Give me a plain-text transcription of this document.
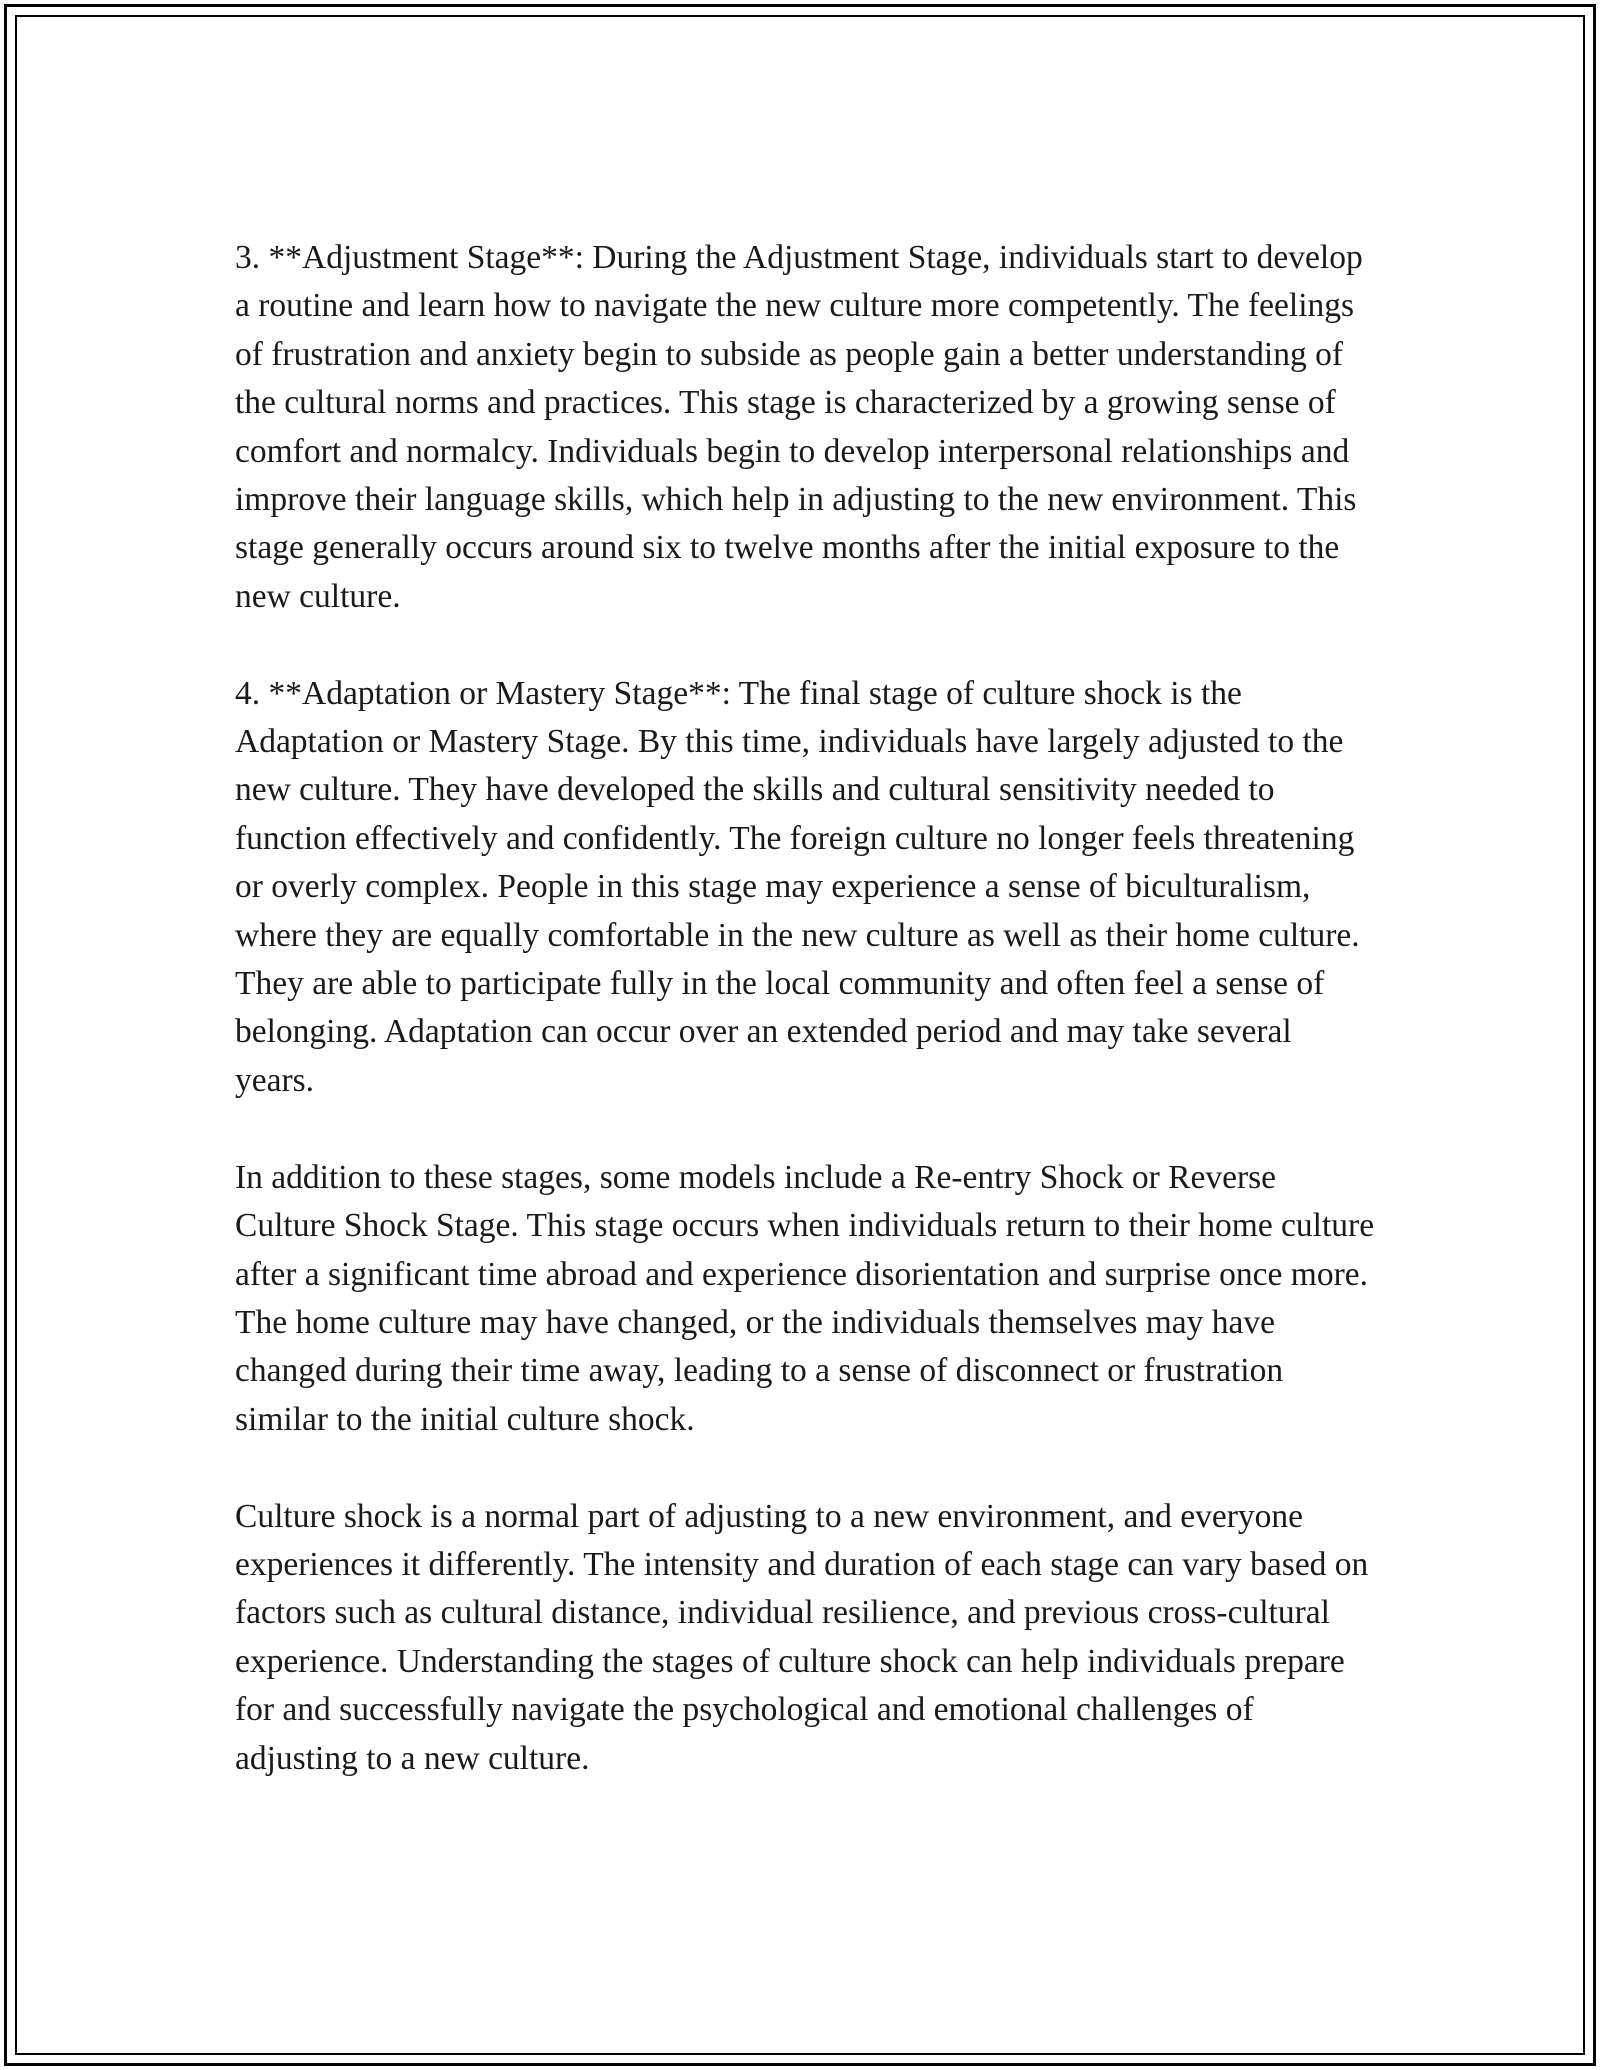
3. **Adjustment Stage**: During the Adjustment Stage, individuals start to develop a routine and learn how to navigate the new culture more competently. The feelings of frustration and anxiety begin to subside as people gain a better understanding of the cultural norms and practices. This stage is characterized by a growing sense of comfort and normalcy. Individuals begin to develop interpersonal relationships and improve their language skills, which help in adjusting to the new environment. This stage generally occurs around six to twelve months after the initial exposure to the new culture.

4. **Adaptation or Mastery Stage**: The final stage of culture shock is the Adaptation or Mastery Stage. By this time, individuals have largely adjusted to the new culture. They have developed the skills and cultural sensitivity needed to function effectively and confidently. The foreign culture no longer feels threatening or overly complex. People in this stage may experience a sense of biculturalism, where they are equally comfortable in the new culture as well as their home culture. They are able to participate fully in the local community and often feel a sense of belonging. Adaptation can occur over an extended period and may take several years.

In addition to these stages, some models include a Re-entry Shock or Reverse Culture Shock Stage. This stage occurs when individuals return to their home culture after a significant time abroad and experience disorientation and surprise once more. The home culture may have changed, or the individuals themselves may have changed during their time away, leading to a sense of disconnect or frustration similar to the initial culture shock.

Culture shock is a normal part of adjusting to a new environment, and everyone experiences it differently. The intensity and duration of each stage can vary based on factors such as cultural distance, individual resilience, and previous cross-cultural experience. Understanding the stages of culture shock can help individuals prepare for and successfully navigate the psychological and emotional challenges of adjusting to a new culture.
